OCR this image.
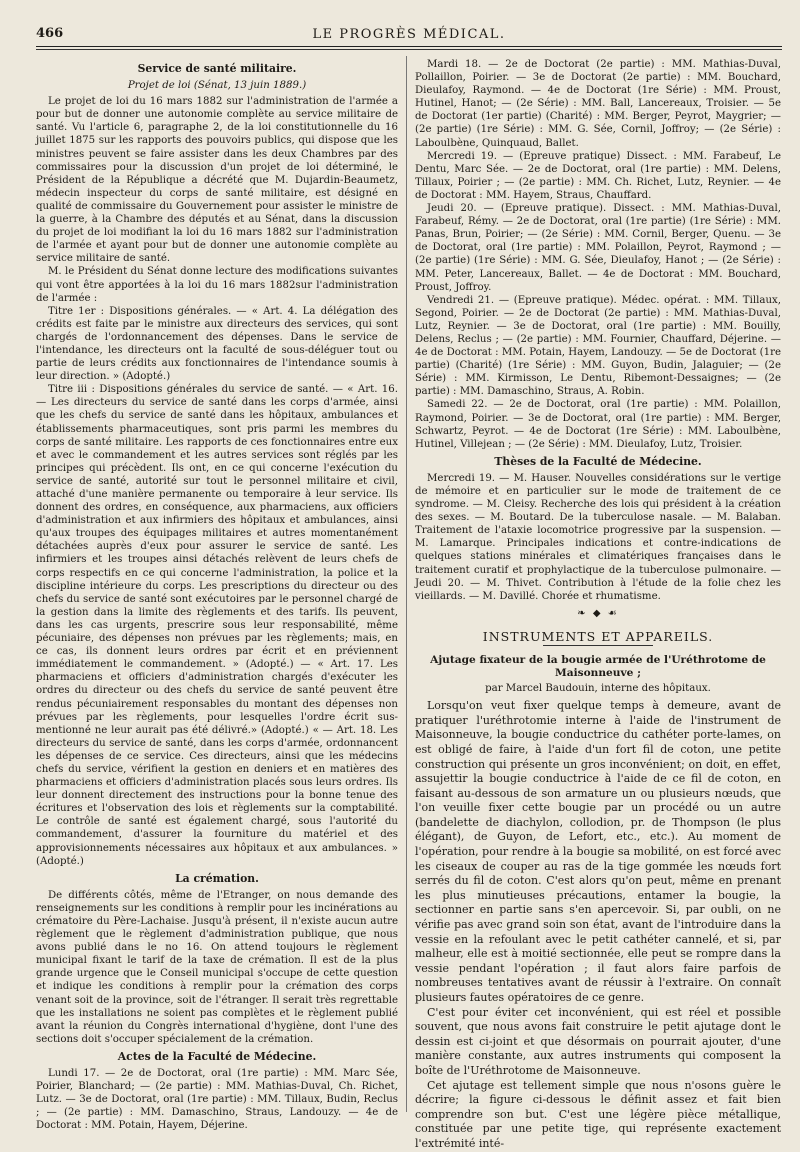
466	LE PROGRÈS MÉDICAL.
Service de santé militaire.
Projet de loi (Sénat, 13 juin 1889.)

Le projet de loi du 16 mars 1882 sur l'administration de l'armée a pour but de donner une autonomie complète au service militaire de santé. Vu l'article 6, paragraphe 2, de la loi constitutionnelle du 16 juillet 1875 sur les rapports des pouvoirs publics, qui dispose que les ministres peuvent se faire assister dans les deux Chambres par des commissaires pour la discussion d'un projet de loi déterminé, le Président de la République a décrété que M. Dujardin-Beaumetz, médecin inspecteur du corps de santé militaire, est désigné en qualité de commissaire du Gouvernement pour assister le ministre de la guerre, à la Chambre des députés et au Sénat, dans la discussion du projet de loi modifiant la loi du 16 mars 1882 sur l'administration de l'armée et ayant pour but de donner une autonomie complète au service militaire de santé.

M. le Président du Sénat donne lecture des modifications suivantes qui vont être apportées à la loi du 16 mars 1882sur l'administration de l'armée :

Titre 1er : Dispositions générales. — « Art. 4. La délégation des crédits est faite par le ministre aux directeurs des services, qui sont chargés de l'ordonnancement des dépenses. Dans le service de l'intendance, les directeurs ont la faculté de sous-déléguer tout ou partie de leurs crédits aux fonctionnaires de l'intendance soumis à leur direction. » (Adopté.)

Titre iii : Dispositions générales du service de santé. — « Art. 16. — Les directeurs du service de santé dans les corps d'armée, ainsi que les chefs du service de santé dans les hôpitaux, ambulances et établissements pharmaceutiques, sont pris parmi les membres du corps de santé militaire. Les rapports de ces fonctionnaires entre eux et avec le commandement et les autres services sont réglés par les principes qui précèdent. Ils ont, en ce qui concerne l'exécution du service de santé, autorité sur tout le personnel militaire et civil, attaché d'une manière permanente ou temporaire à leur service. Ils donnent des ordres, en conséquence, aux pharmaciens, aux officiers d'administration et aux infirmiers des hôpitaux et ambulances, ainsi qu'aux troupes des équipages militaires et autres momentanément détachées auprès d'eux pour assurer le service de santé. Les infirmiers et les troupes ainsi détachés relèvent de leurs chefs de corps respectifs en ce qui concerne l'administration, la police et la discipline intérieure du corps. Les prescriptions du directeur ou des chefs du service de santé sont exécutoires par le personnel chargé de la gestion dans la limite des règlements et des tarifs. Ils peuvent, dans les cas urgents, prescrire sous leur responsabilité, même pécuniaire, des dépenses non prévues par les règlements; mais, en ce cas, ils donnent leurs ordres par écrit et en préviennent immédiatement le commandement. » (Adopté.) — « Art. 17. Les pharmaciens et officiers d'administration chargés d'exécuter les ordres du directeur ou des chefs du service de santé peuvent être rendus pécuniairement responsables du montant des dépenses non prévues par les règlements, pour lesquelles l'ordre écrit sus-mentionné ne leur aurait pas été délivré.» (Adopté.) « — Art. 18. Les directeurs du service de santé, dans les corps d'armée, ordonnancent les dépenses de ce service. Ces directeurs, ainsi que les médecins chefs du service, vérifient la gestion en deniers et en matières des pharmaciens et officiers d'administration placés sous leurs ordres. Ils leur donnent directement des instructions pour la bonne tenue des écritures et l'observation des lois et règlements sur la comptabilité. Le contrôle de santé est également chargé, sous l'autorité du commandement, d'assurer la fourniture du matériel et des approvisionnements nécessaires aux hôpitaux et aux ambulances. » (Adopté.)

La crémation.

De différents côtés, même de l'Etranger, on nous demande des renseignements sur les conditions à remplir pour les incinérations au crématoire du Père-Lachaise. Jusqu'à présent, il n'existe aucun autre règlement que le règlement d'administration publique, que nous avons publié dans le no 16. On attend toujours le règlement municipal fixant le tarif de la taxe de crémation. Il est de la plus grande urgence que le Conseil municipal s'occupe de cette question et indique les conditions à remplir pour la crémation des corps venant soit de la province, soit de l'étranger. Il serait très regrettable que les installations ne soient pas complètes et le règlement publié avant la réunion du Congrès international d'hygiène, dont l'une des sections doit s'occuper spécialement de la crémation.

Actes de la Faculté de Médecine.

Lundi 17. — 2e de Doctorat, oral (1re partie) : MM. Marc Sée, Poirier, Blanchard; — (2e partie) : MM. Mathias-Duval, Ch. Richet, Lutz. — 3e de Doctorat, oral (1re partie) : MM. Tillaux, Budin, Reclus ; — (2e partie) : MM. Damaschino, Straus, Landouzy. — 4e de Doctorat : MM. Potain, Hayem, Déjerine.

Mardi 18. — 2e de Doctorat (2e partie) : MM. Mathias-Duval, Pollaillon, Poirier. — 3e de Doctorat (2e partie) : MM. Bouchard, Dieulafoy, Raymond. — 4e de Doctorat (1re Série) : MM. Proust, Hutinel, Hanot; — (2e Série) : MM. Ball, Lancereaux, Troisier. — 5e de Doctorat (1er partie) (Charité) : MM. Berger, Peyrot, Maygrier; — (2e partie) (1re Série) : MM. G. Sée, Cornil, Joffroy; — (2e Série) : Laboulbène, Quinquaud, Ballet.

Mercredi 19. — (Epreuve pratique) Dissect. : MM. Farabeuf, Le Dentu, Marc Sée. — 2e de Doctorat, oral (1re partie) : MM. Delens, Tillaux, Poirier ; — (2e partie) : MM. Ch. Richet, Lutz, Reynier. — 4e de Doctorat : MM. Hayem, Straus, Chauffard.

Jeudi 20. — (Epreuve pratique). Dissect. : MM. Mathias-Duval, Farabeuf, Rémy. — 2e de Doctorat, oral (1re partie) (1re Série) : MM. Panas, Brun, Poirier; — (2e Série) : MM. Cornil, Berger, Quenu. — 3e de Doctorat, oral (1re partie) : MM. Polaillon, Peyrot, Raymond ; — (2e partie) (1re Série) : MM. G. Sée, Dieulafoy, Hanot ; — (2e Série) : MM. Peter, Lancereaux, Ballet. — 4e de Doctorat : MM. Bouchard, Proust, Joffroy.

Vendredi 21. — (Epreuve pratique). Médec. opérat. : MM. Tillaux, Segond, Poirier. — 2e de Doctorat (2e partie) : MM. Mathias-Duval, Lutz, Reynier. — 3e de Doctorat, oral (1re partie) : MM. Bouilly, Delens, Reclus ; — (2e partie) : MM. Fournier, Chauffard, Déjerine. — 4e de Doctorat : MM. Potain, Hayem, Landouzy. — 5e de Doctorat (1re partie) (Charité) (1re Série) : MM. Guyon, Budin, Jalaguier; — (2e Série) : MM. Kirmisson, Le Dentu, Ribemont-Dessaignes; — (2e partie) : MM. Damaschino, Straus, A. Robin.

Samedi 22. — 2e de Doctorat, oral (1re partie) : MM. Polaillon, Raymond, Poirier. — 3e de Doctorat, oral (1re partie) : MM. Berger, Schwartz, Peyrot. — 4e de Doctorat (1re Série) : MM. Laboulbène, Hutinel, Villejean ; — (2e Série) : MM. Dieulafoy, Lutz, Troisier.

Thèses de la Faculté de Médecine.

Mercredi 19. — M. Hauser. Nouvelles considérations sur le vertige de mémoire et en particulier sur le mode de traitement de ce syndrome. — M. Cleisy. Recherche des lois qui président à la création des sexes. — M. Boutard. De la tuberculose nasale. — M. Balaban. Traitement de l'ataxie locomotrice progressive par la suspension. — M. Lamarque. Principales indications et contre-indications de quelques stations minérales et climatériques françaises dans le traitement curatif et prophylactique de la tuberculose pulmonaire. — Jeudi 20. — M. Thivet. Contribution à l'étude de la folie chez les vieillards. — M. Davillé. Chorée et rhumatisme.

❧ ◆ ☙
INSTRUMENTS ET APPAREILS.
Ajutage fixateur de la bougie armée de l'Uréthrotome de Maisonneuve ;
par Marcel Baudouin, interne des hôpitaux.

Lorsqu'on veut fixer quelque temps à demeure, avant de pratiquer l'uréthrotomie interne à l'aide de l'instrument de Maisonneuve, la bougie conductrice du cathéter porte-lames, on est obligé de faire, à l'aide d'un fort fil de coton, une petite construction qui présente un gros inconvénient; on doit, en effet, assujettir la bougie conductrice à l'aide de ce fil de coton, en faisant au-dessous de son armature un ou plusieurs nœuds, que l'on veuille fixer cette bougie par un procédé ou un autre (bandelette de diachylon, collodion, pr. de Thompson (le plus élégant), de Guyon, de Lefort, etc., etc.). Au moment de l'opération, pour rendre à la bougie sa mobilité, on est forcé avec les ciseaux de couper au ras de la tige gommée les nœuds fort serrés du fil de coton. C'est alors qu'on peut, même en prenant les plus minutieuses précautions, entamer la bougie, la sectionner en partie sans s'en apercevoir. Si, par oubli, on ne vérifie pas avec grand soin son état, avant de l'introduire dans la vessie en la refoulant avec le petit cathéter cannelé, et si, par malheur, elle est à moitié sectionnée, elle peut se rompre dans la vessie pendant l'opération ; il faut alors faire parfois de nombreuses tentatives avant de réussir à l'extraire. On connaît plusieurs fautes opératoires de ce genre.

C'est pour éviter cet inconvénient, qui est réel et possible souvent, que nous avons fait construire le petit ajutage dont le dessin est ci-joint et que désormais on pourrait ajouter, d'une manière constante, aux autres instruments qui composent la boîte de l'Uréthrotome de Maisonneuve.

Cet ajutage est tellement simple que nous n'osons guère le décrire; la figure ci-dessous le définit assez et fait bien comprendre son but. C'est une légère pièce métallique, constituée par une petite tige, qui représente exactement l'extrémité inté-
